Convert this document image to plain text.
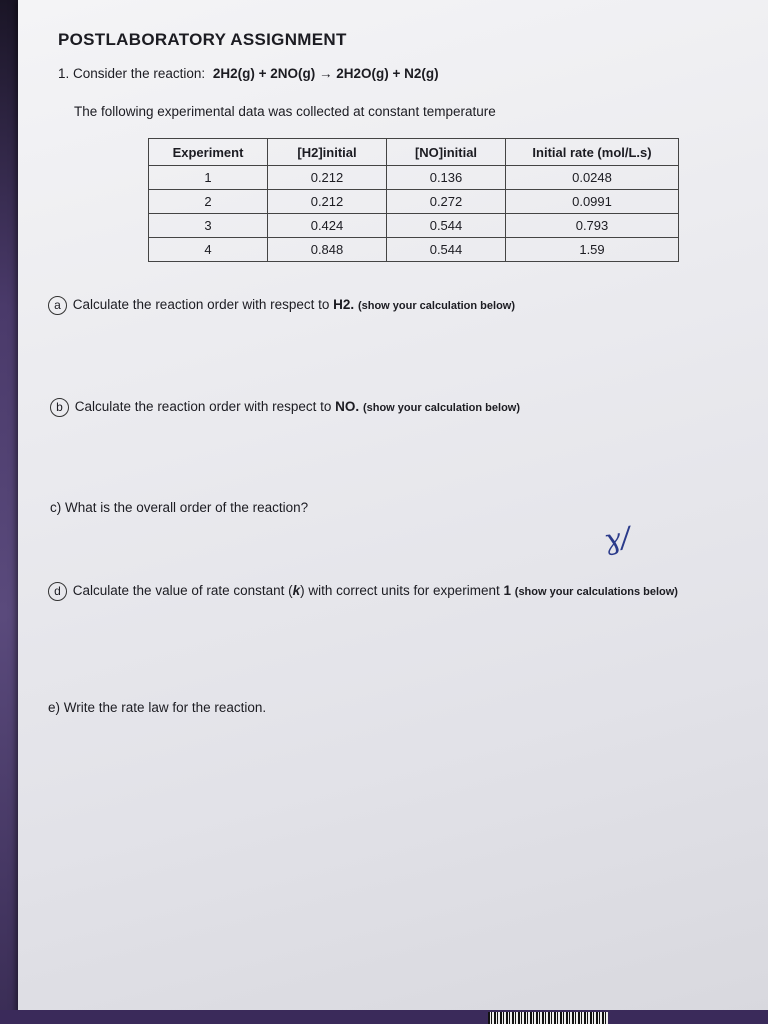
POSTLABORATORY ASSIGNMENT
1. Consider the reaction: 2H2(g) + 2NO(g) → 2H2O(g) + N2(g)
The following experimental data was collected at constant temperature
Experiment	[H2]initial	[NO]initial	Initial rate (mol/L.s)
1	0.212	0.136	0.0248
2	0.212	0.272	0.0991
3	0.424	0.544	0.793
4	0.848	0.544	1.59
a Calculate the reaction order with respect to H2. (show your calculation below)
b Calculate the reaction order with respect to NO. (show your calculation below)
c) What is the overall order of the reaction?
ɣ/
d Calculate the value of rate constant (k) with correct units for experiment 1 (show your calculations below)
e) Write the rate law for the reaction.
